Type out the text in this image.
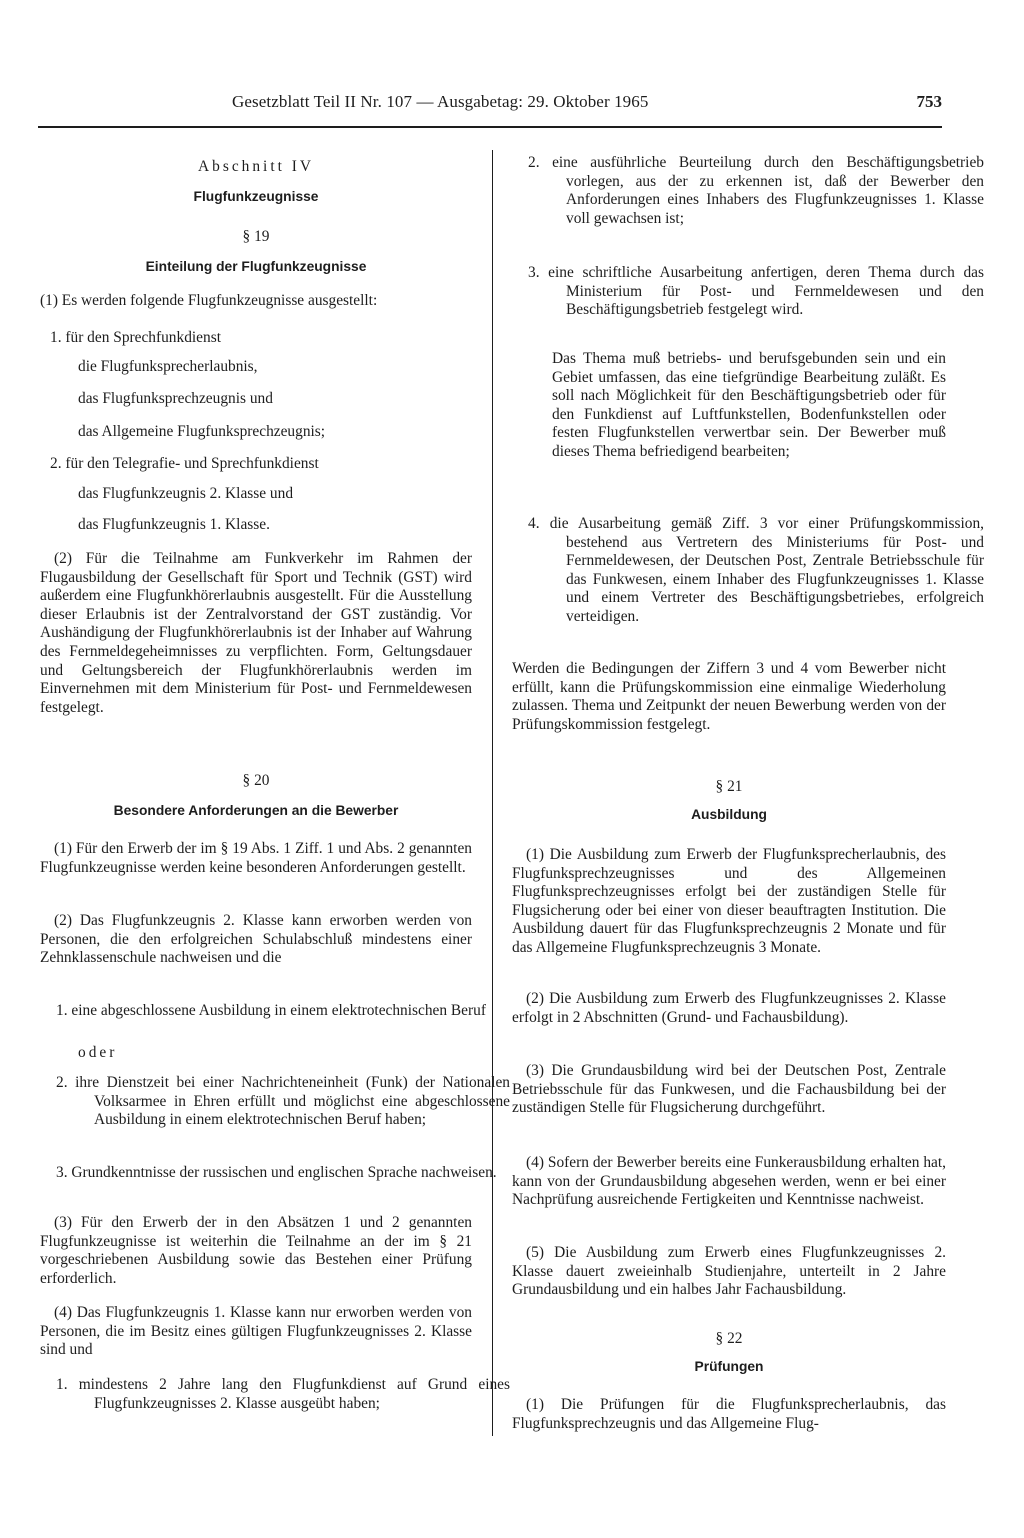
Gesetzblatt Teil II Nr. 107 — Ausgabetag: 29. Oktober 1965	753

Abschnitt IV

Flugfunkzeugnisse

§ 19

Einteilung der Flugfunkzeugnisse

(1) Es werden folgende Flugfunkzeugnisse ausgestellt:

1. für den Sprechfunkdienst

die Flugfunksprecherlaubnis,

das Flugfunksprechzeugnis und

das Allgemeine Flugfunksprechzeugnis;

2. für den Telegrafie- und Sprechfunkdienst

das Flugfunkzeugnis 2. Klasse und

das Flugfunkzeugnis 1. Klasse.

(2) Für die Teilnahme am Funkverkehr im Rahmen der Flugausbildung der Gesellschaft für Sport und Technik (GST) wird außerdem eine Flugfunkhörerlaubnis ausgestellt. Für die Ausstellung dieser Erlaubnis ist der Zentralvorstand der GST zuständig. Vor Aushändigung der Flugfunkhörerlaubnis ist der Inhaber auf Wahrung des Fernmeldegeheimnisses zu verpflichten. Form, Geltungsdauer und Geltungsbereich der Flugfunkhörerlaubnis werden im Einvernehmen mit dem Ministerium für Post- und Fernmeldewesen festgelegt.

§ 20

Besondere Anforderungen an die Bewerber

(1) Für den Erwerb der im § 19 Abs. 1 Ziff. 1 und Abs. 2 genannten Flugfunkzeugnisse werden keine besonderen Anforderungen gestellt.

(2) Das Flugfunkzeugnis 2. Klasse kann erworben werden von Personen, die den erfolgreichen Schulabschluß mindestens einer Zehnklassenschule nachweisen und die

1. eine abgeschlossene Ausbildung in einem elektrotechnischen Beruf

oder

2. ihre Dienstzeit bei einer Nachrichteneinheit (Funk) der Nationalen Volksarmee in Ehren erfüllt und möglichst eine abgeschlossene Ausbildung in einem elektrotechnischen Beruf haben;

3. Grundkenntnisse der russischen und englischen Sprache nachweisen.

(3) Für den Erwerb der in den Absätzen 1 und 2 genannten Flugfunkzeugnisse ist weiterhin die Teilnahme an der im § 21 vorgeschriebenen Ausbildung sowie das Bestehen einer Prüfung erforderlich.

(4) Das Flugfunkzeugnis 1. Klasse kann nur erworben werden von Personen, die im Besitz eines gültigen Flugfunkzeugnisses 2. Klasse sind und

1. mindestens 2 Jahre lang den Flugfunkdienst auf Grund eines Flugfunkzeugnisses 2. Klasse ausgeübt haben;

2. eine ausführliche Beurteilung durch den Beschäftigungsbetrieb vorlegen, aus der zu erkennen ist, daß der Bewerber den Anforderungen eines Inhabers des Flugfunkzeugnisses 1. Klasse voll gewachsen ist;

3. eine schriftliche Ausarbeitung anfertigen, deren Thema durch das Ministerium für Post- und Fernmeldewesen und den Beschäftigungsbetrieb festgelegt wird.

Das Thema muß betriebs- und berufsgebunden sein und ein Gebiet umfassen, das eine tiefgründige Bearbeitung zuläßt. Es soll nach Möglichkeit für den Beschäftigungsbetrieb oder für den Funkdienst auf Luftfunkstellen, Bodenfunkstellen oder festen Flugfunkstellen verwertbar sein. Der Bewerber muß dieses Thema befriedigend bearbeiten;

4. die Ausarbeitung gemäß Ziff. 3 vor einer Prüfungskommission, bestehend aus Vertretern des Ministeriums für Post- und Fernmeldewesen, der Deutschen Post, Zentrale Betriebsschule für das Funkwesen, einem Inhaber des Flugfunkzeugnisses 1. Klasse und einem Vertreter des Beschäftigungsbetriebes, erfolgreich verteidigen.

Werden die Bedingungen der Ziffern 3 und 4 vom Bewerber nicht erfüllt, kann die Prüfungskommission eine einmalige Wiederholung zulassen. Thema und Zeitpunkt der neuen Bewerbung werden von der Prüfungskommission festgelegt.

§ 21

Ausbildung

(1) Die Ausbildung zum Erwerb der Flugfunksprecherlaubnis, des Flugfunksprechzeugnisses und des Allgemeinen Flugfunksprechzeugnisses erfolgt bei der zuständigen Stelle für Flugsicherung oder bei einer von dieser beauftragten Institution. Die Ausbildung dauert für das Flugfunksprechzeugnis 2 Monate und für das Allgemeine Flugfunksprechzeugnis 3 Monate.

(2) Die Ausbildung zum Erwerb des Flugfunkzeugnisses 2. Klasse erfolgt in 2 Abschnitten (Grund- und Fachausbildung).

(3) Die Grundausbildung wird bei der Deutschen Post, Zentrale Betriebsschule für das Funkwesen, und die Fachausbildung bei der zuständigen Stelle für Flugsicherung durchgeführt.

(4) Sofern der Bewerber bereits eine Funkerausbildung erhalten hat, kann von der Grundausbildung abgesehen werden, wenn er bei einer Nachprüfung ausreichende Fertigkeiten und Kenntnisse nachweist.

(5) Die Ausbildung zum Erwerb eines Flugfunkzeugnisses 2. Klasse dauert zweieinhalb Studienjahre, unterteilt in 2 Jahre Grundausbildung und ein halbes Jahr Fachausbildung.

§ 22

Prüfungen

(1) Die Prüfungen für die Flugfunksprecherlaubnis, das Flugfunksprechzeugnis und das Allgemeine Flug-
